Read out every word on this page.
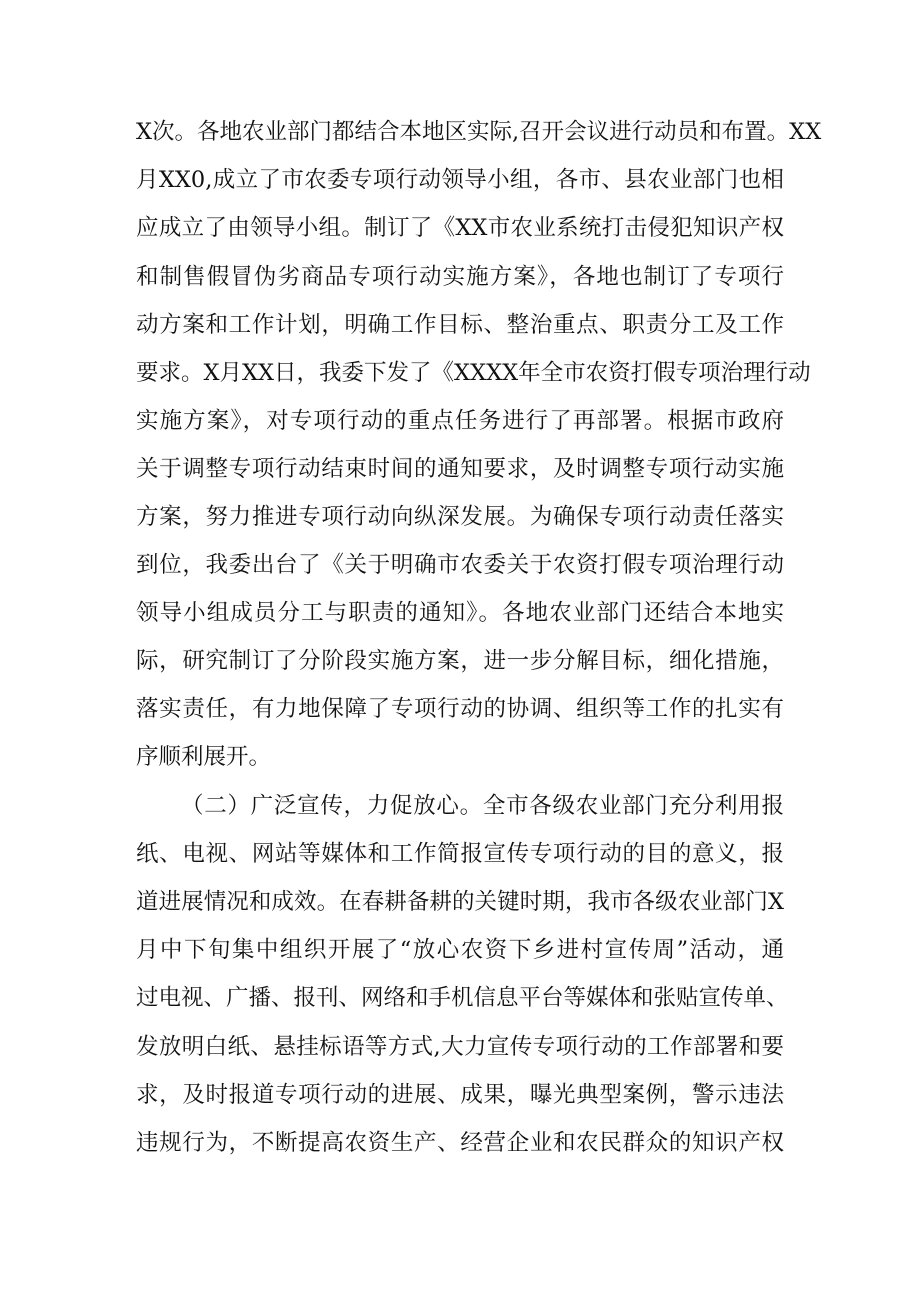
X次。各地农业部门都结合本地区实际,召开会议进行动员和布置。XX
月XX0,成立了市农委专项行动领导小组，各市、县农业部门也相
应成立了由领导小组。制订了《XX市农业系统打击侵犯知识产权
和制售假冒伪劣商品专项行动实施方案》，各地也制订了专项行
动方案和工作计划，明确工作目标、整治重点、职责分工及工作
要求。X月XX日，我委下发了《XXXX年全市农资打假专项治理行动
实施方案》，对专项行动的重点任务进行了再部署。根据市政府
关于调整专项行动结束时间的通知要求，及时调整专项行动实施
方案，努力推进专项行动向纵深发展。为确保专项行动责任落实
到位，我委出台了《关于明确市农委关于农资打假专项治理行动
领导小组成员分工与职责的通知》。各地农业部门还结合本地实
际，研究制订了分阶段实施方案，进一步分解目标，细化措施，
落实责任，有力地保障了专项行动的协调、组织等工作的扎实有
序顺利展开。
（二）广泛宣传，力促放心。全市各级农业部门充分利用报
纸、电视、网站等媒体和工作简报宣传专项行动的目的意义，报
道进展情况和成效。在春耕备耕的关键时期，我市各级农业部门X
月中下旬集中组织开展了“放心农资下乡进村宣传周”活动，通
过电视、广播、报刊、网络和手机信息平台等媒体和张贴宣传单、
发放明白纸、悬挂标语等方式,大力宣传专项行动的工作部署和要
求，及时报道专项行动的进展、成果，曝光典型案例，警示违法
违规行为，不断提高农资生产、经营企业和农民群众的知识产权
